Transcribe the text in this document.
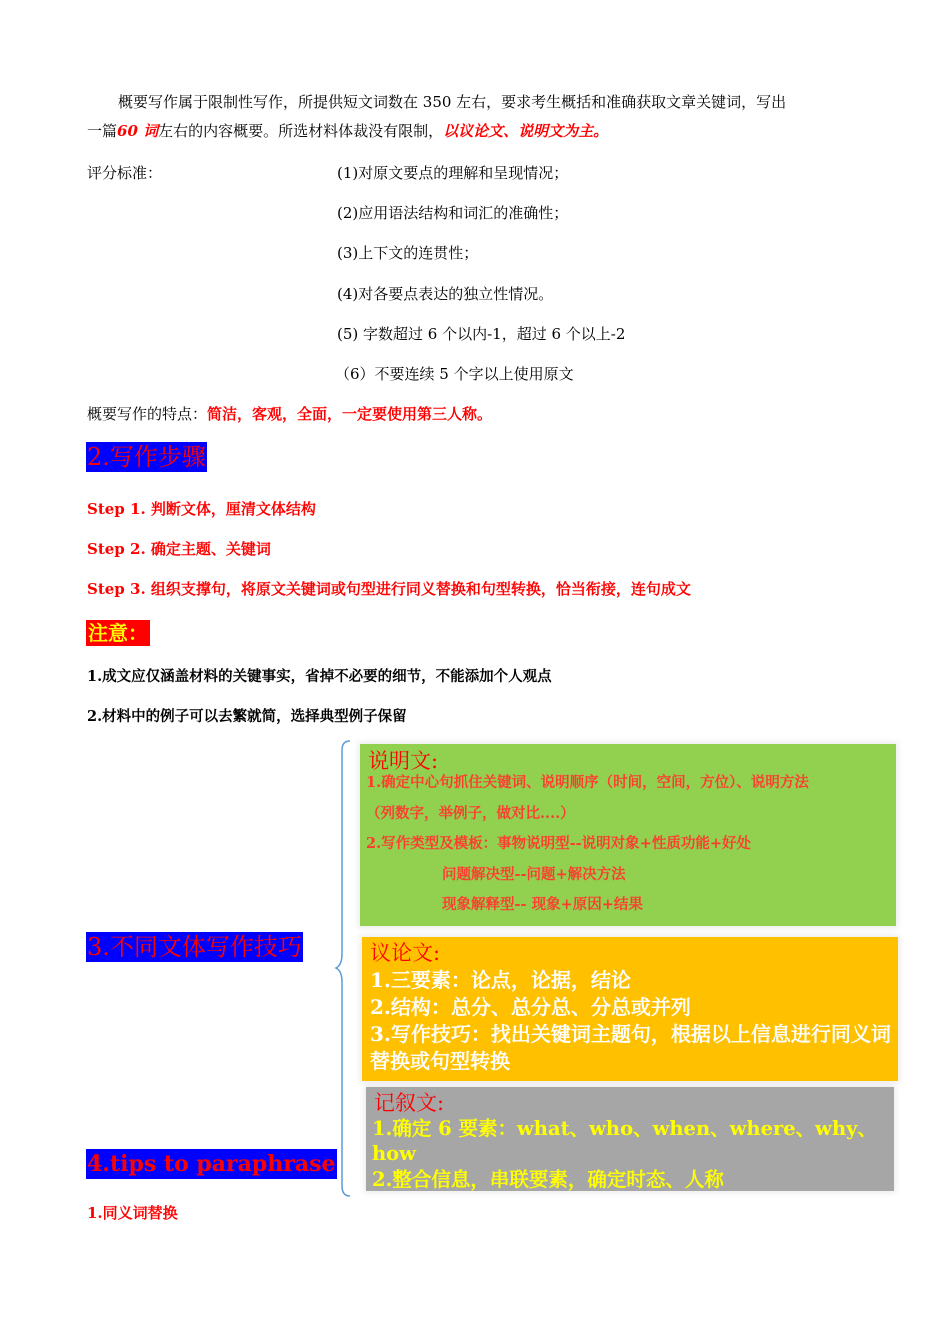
概要写作属于限制性写作，所提供短文词数在 350 左右，要求考生概括和准确获取文章关键词，写出
一篇60 词左右的内容概要。所选材料体裁没有限制，以议论文、说明文为主。
评分标准：	(1)对原文要点的理解和呈现情况；
(2)应用语法结构和词汇的准确性；
(3)上下文的连贯性；
(4)对各要点表达的独立性情况。
(5) 字数超过 6 个以内-1，超过 6 个以上-2
（6）不要连续 5 个字以上使用原文
概要写作的特点：简洁，客观，全面，一定要使用第三人称。
2.写作步骤
Step 1. 判断文体，厘清文体结构
Step 2. 确定主题、关键词
Step 3. 组织支撑句，将原文关键词或句型进行同义替换和句型转换，恰当衔接，连句成文
注意：
1.成文应仅涵盖材料的关键事实，省掉不必要的细节，不能添加个人观点
2.材料中的例子可以去繁就简，选择典型例子保留
3.不同文体写作技巧
说明文:
1.确定中心句抓住关键词、说明顺序（时间，空间，方位）、说明方法
（列数字，举例子，做对比....）
2.写作类型及模板：事物说明型--说明对象+性质功能+好处
问题解决型--问题+解决方法
现象解释型-- 现象+原因+结果
议论文:
1.三要素：论点，论据，结论
2.结构：总分、总分总、分总或并列
3.写作技巧：找出关键词主题句，根据以上信息进行同义词替换或句型转换
记叙文:
1.确定 6 要素：what、who、when、where、why、how
2.整合信息，串联要素，确定时态、人称
4.tips to paraphrase
1.同义词替换
